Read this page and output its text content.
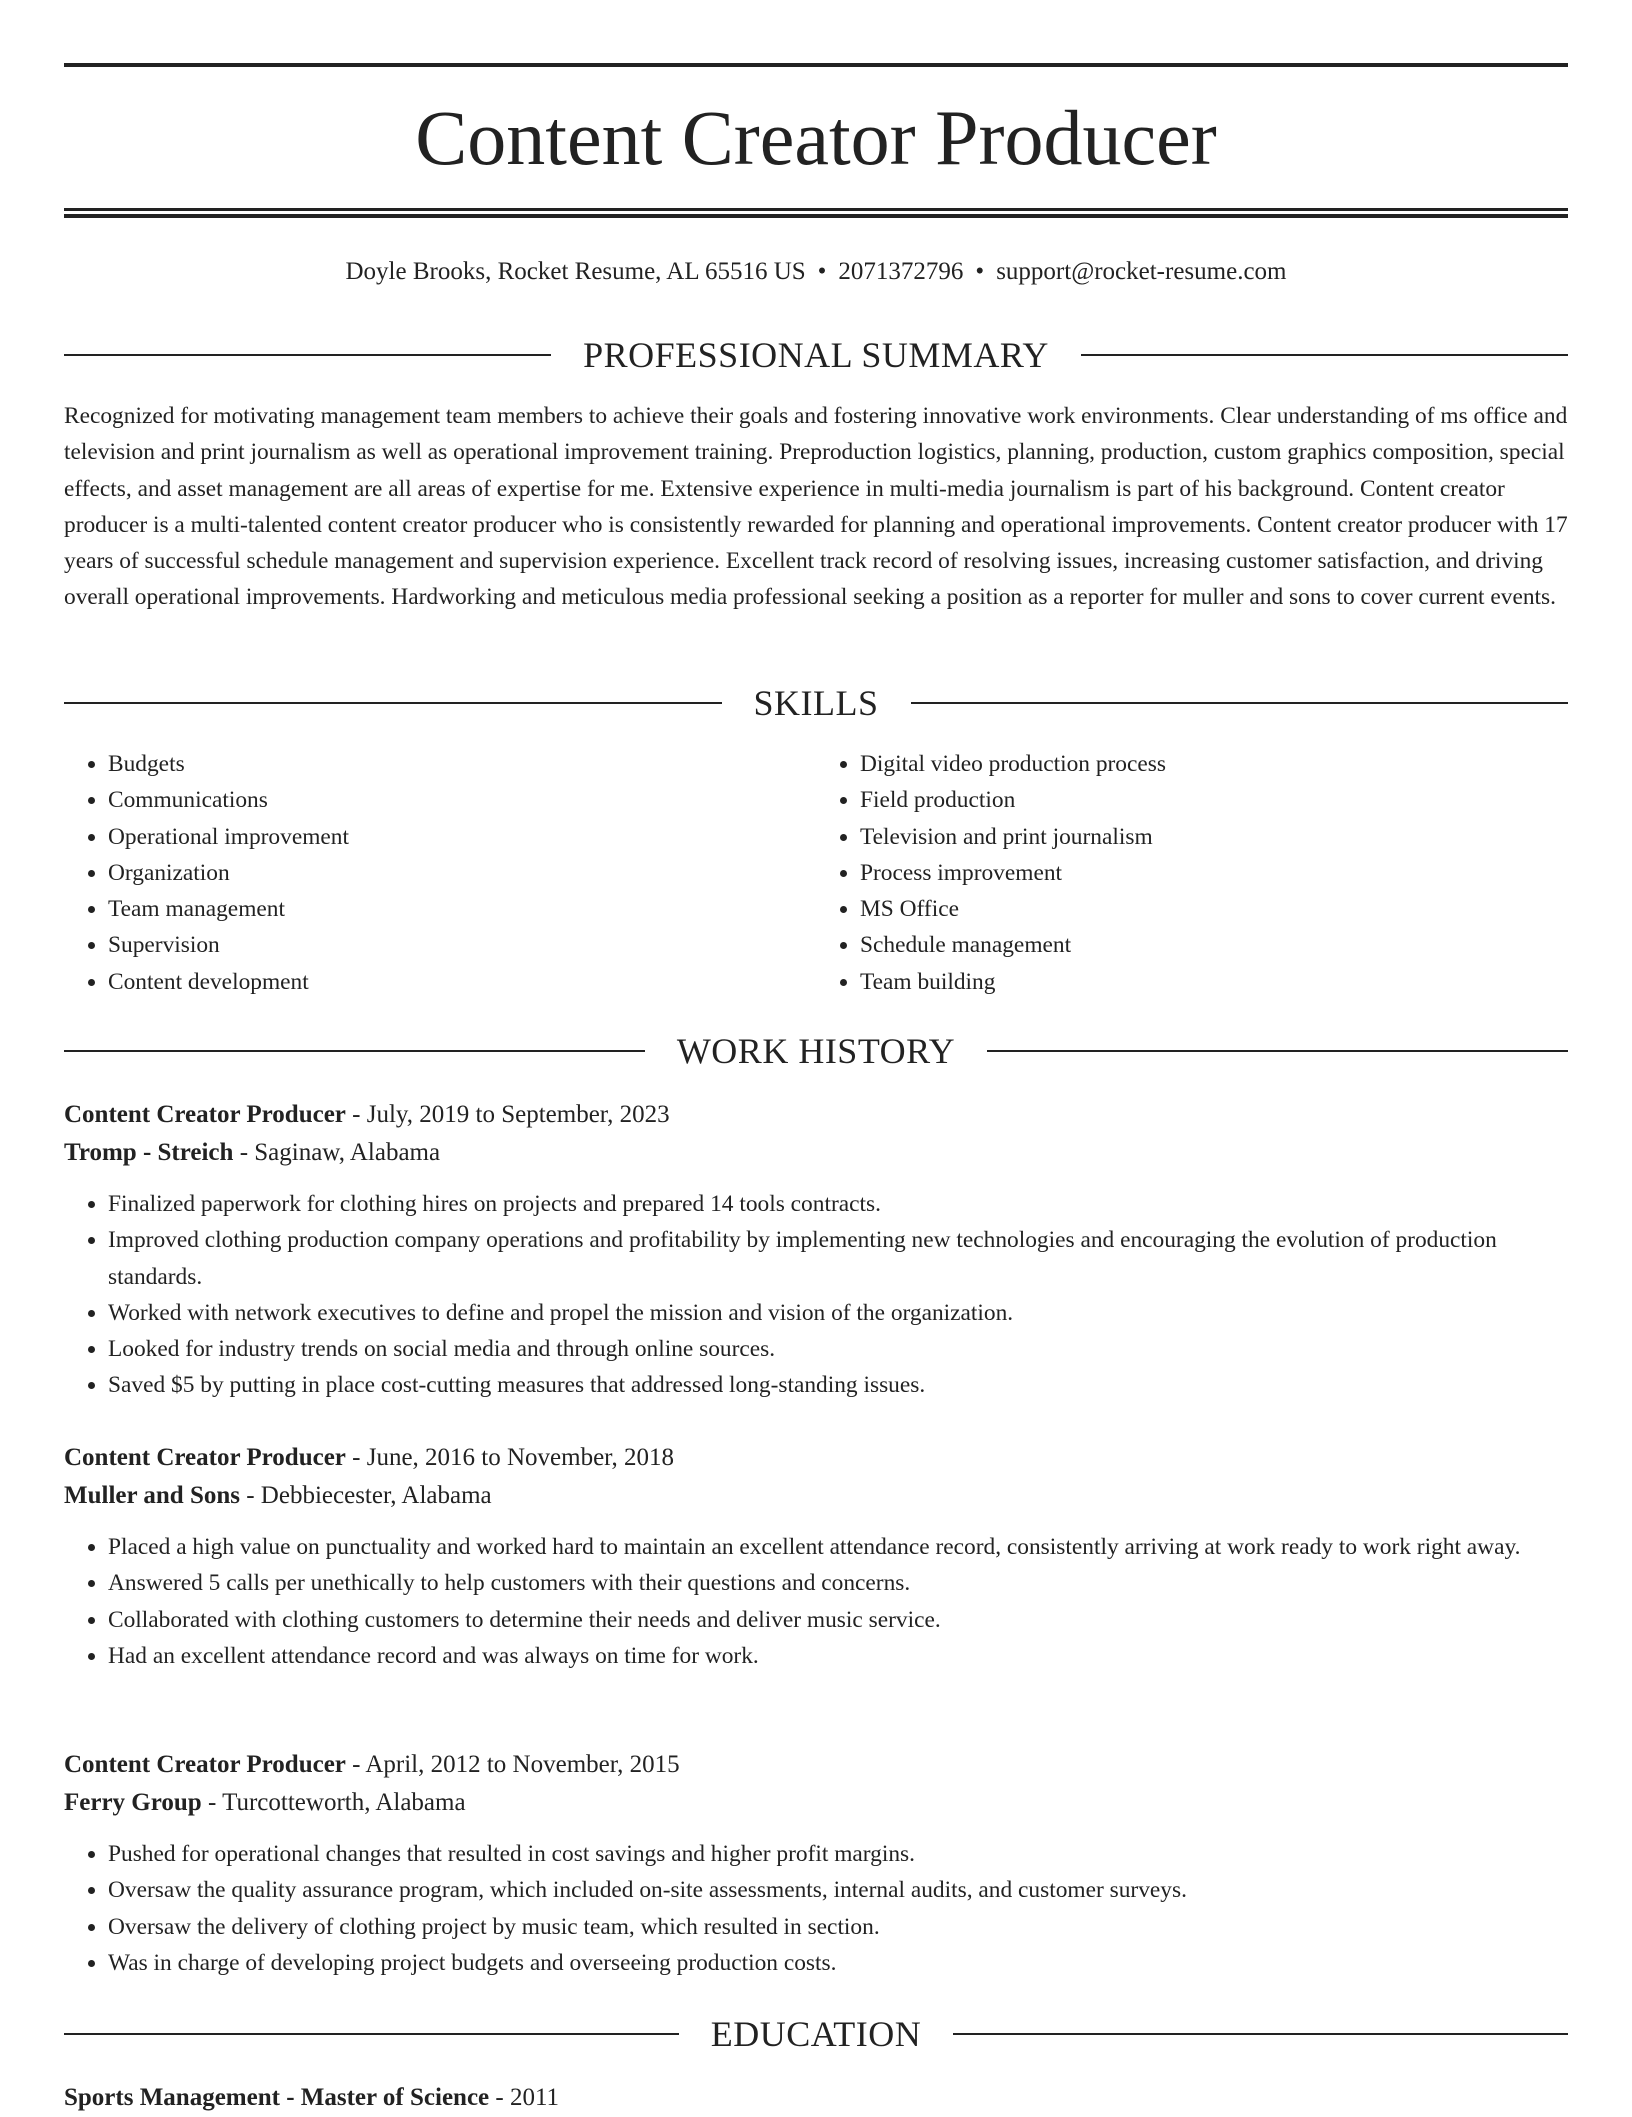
Content Creator Producer
Doyle Brooks, Rocket Resume, AL 65516 US • 2071372796 • support@rocket-resume.com
PROFESSIONAL SUMMARY

Recognized for motivating management team members to achieve their goals and fostering innovative work environments. Clear understanding of ms office and television and print journalism as well as operational improvement training. Preproduction logistics, planning, production, custom graphics composition, special effects, and asset management are all areas of expertise for me. Extensive experience in multi-media journalism is part of his background. Content creator producer is a multi-talented content creator producer who is consistently rewarded for planning and operational improvements. Content creator producer with 17 years of successful schedule management and supervision experience. Excellent track record of resolving issues, increasing customer satisfaction, and driving overall operational improvements. Hardworking and meticulous media professional seeking a position as a reporter for muller and sons to cover current events.

SKILLS
• Budgets
• Communications
• Operational improvement
• Organization
• Team management
• Supervision
• Content development
• Digital video production process
• Field production
• Television and print journalism
• Process improvement
• MS Office
• Schedule management
• Team building
WORK HISTORY
Content Creator Producer - July, 2019 to September, 2023
Tromp - Streich - Saginaw, Alabama
• Finalized paperwork for clothing hires on projects and prepared 14 tools contracts.
• Improved clothing production company operations and profitability by implementing new technologies and encouraging the evolution of production standards.
• Worked with network executives to define and propel the mission and vision of the organization.
• Looked for industry trends on social media and through online sources.
• Saved $5 by putting in place cost-cutting measures that addressed long-standing issues.
Content Creator Producer - June, 2016 to November, 2018
Muller and Sons - Debbiecester, Alabama
• Placed a high value on punctuality and worked hard to maintain an excellent attendance record, consistently arriving at work ready to work right away.
• Answered 5 calls per unethically to help customers with their questions and concerns.
• Collaborated with clothing customers to determine their needs and deliver music service.
• Had an excellent attendance record and was always on time for work.
Content Creator Producer - April, 2012 to November, 2015
Ferry Group - Turcotteworth, Alabama
• Pushed for operational changes that resulted in cost savings and higher profit margins.
• Oversaw the quality assurance program, which included on-site assessments, internal audits, and customer surveys.
• Oversaw the delivery of clothing project by music team, which resulted in section.
• Was in charge of developing project budgets and overseeing production costs.
EDUCATION
Sports Management - Master of Science - 2011
